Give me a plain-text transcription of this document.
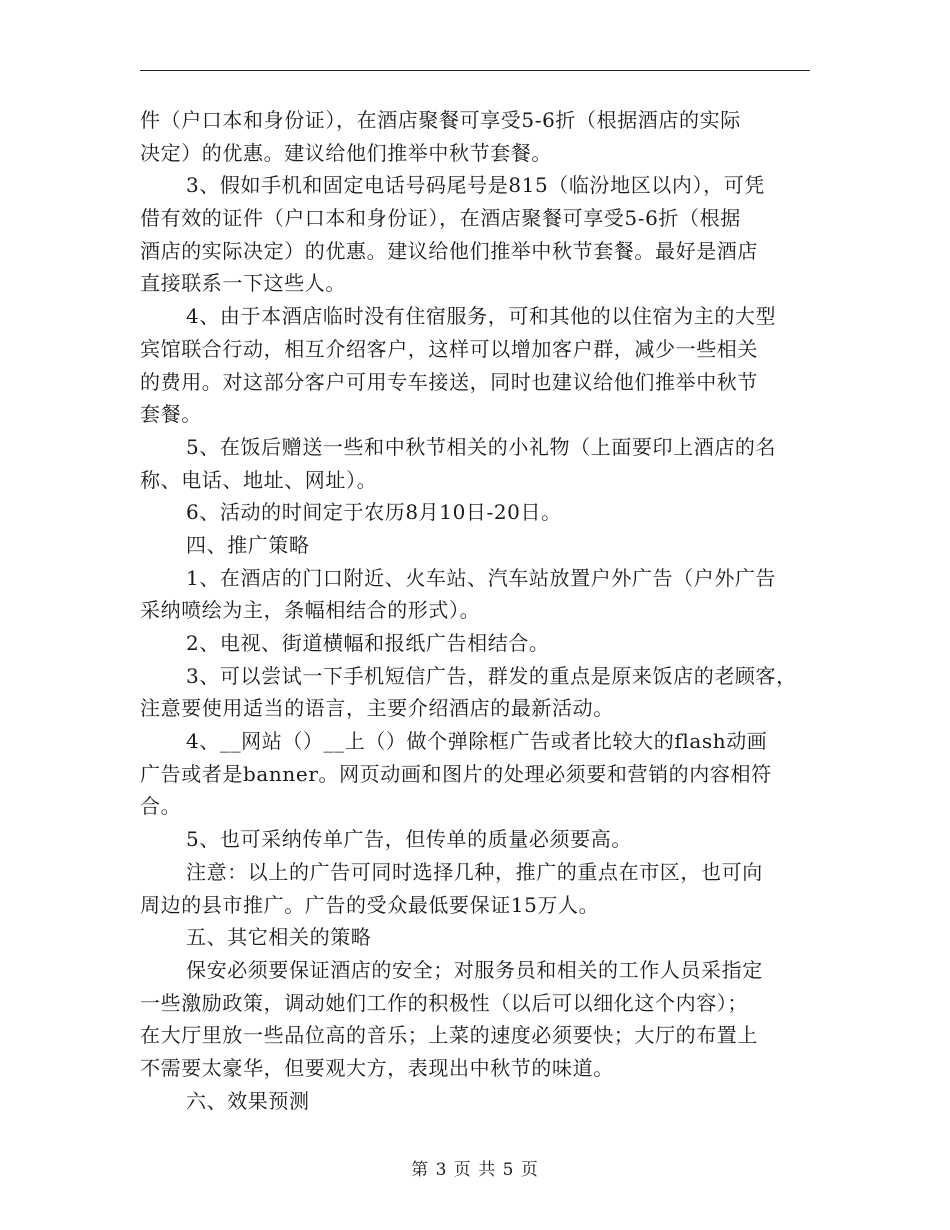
件（户口本和身份证），在酒店聚餐可享受5-6折（根据酒店的实际
决定）的优惠。建议给他们推举中秋节套餐。
3、假如手机和固定电话号码尾号是815（临汾地区以内），可凭
借有效的证件（户口本和身份证），在酒店聚餐可享受5-6折（根据
酒店的实际决定）的优惠。建议给他们推举中秋节套餐。最好是酒店
直接联系一下这些人。
4、由于本酒店临时没有住宿服务，可和其他的以住宿为主的大型
宾馆联合行动，相互介绍客户，这样可以增加客户群，减少一些相关
的费用。对这部分客户可用专车接送，同时也建议给他们推举中秋节
套餐。
5、在饭后赠送一些和中秋节相关的小礼物（上面要印上酒店的名
称、电话、地址、网址）。
6、活动的时间定于农历8月10日-20日。
四、推广策略
1、在酒店的门口附近、火车站、汽车站放置户外广告（户外广告
采纳喷绘为主，条幅相结合的形式）。
2、电视、街道横幅和报纸广告相结合。
3、可以尝试一下手机短信广告，群发的重点是原来饭店的老顾客，
注意要使用适当的语言，主要介绍酒店的最新活动。
4、__网站（）__上（）做个弹除框广告或者比较大的flash动画
广告或者是banner。网页动画和图片的处理必须要和营销的内容相符
合。
5、也可采纳传单广告，但传单的质量必须要高。
注意：以上的广告可同时选择几种，推广的重点在市区，也可向
周边的县市推广。广告的受众最低要保证15万人。
五、其它相关的策略
保安必须要保证酒店的安全；对服务员和相关的工作人员采指定
一些激励政策，调动她们工作的积极性（以后可以细化这个内容）；
在大厅里放一些品位高的音乐；上菜的速度必须要快；大厅的布置上
不需要太豪华，但要观大方，表现出中秋节的味道。
六、效果预测
第 3 页 共 5 页
